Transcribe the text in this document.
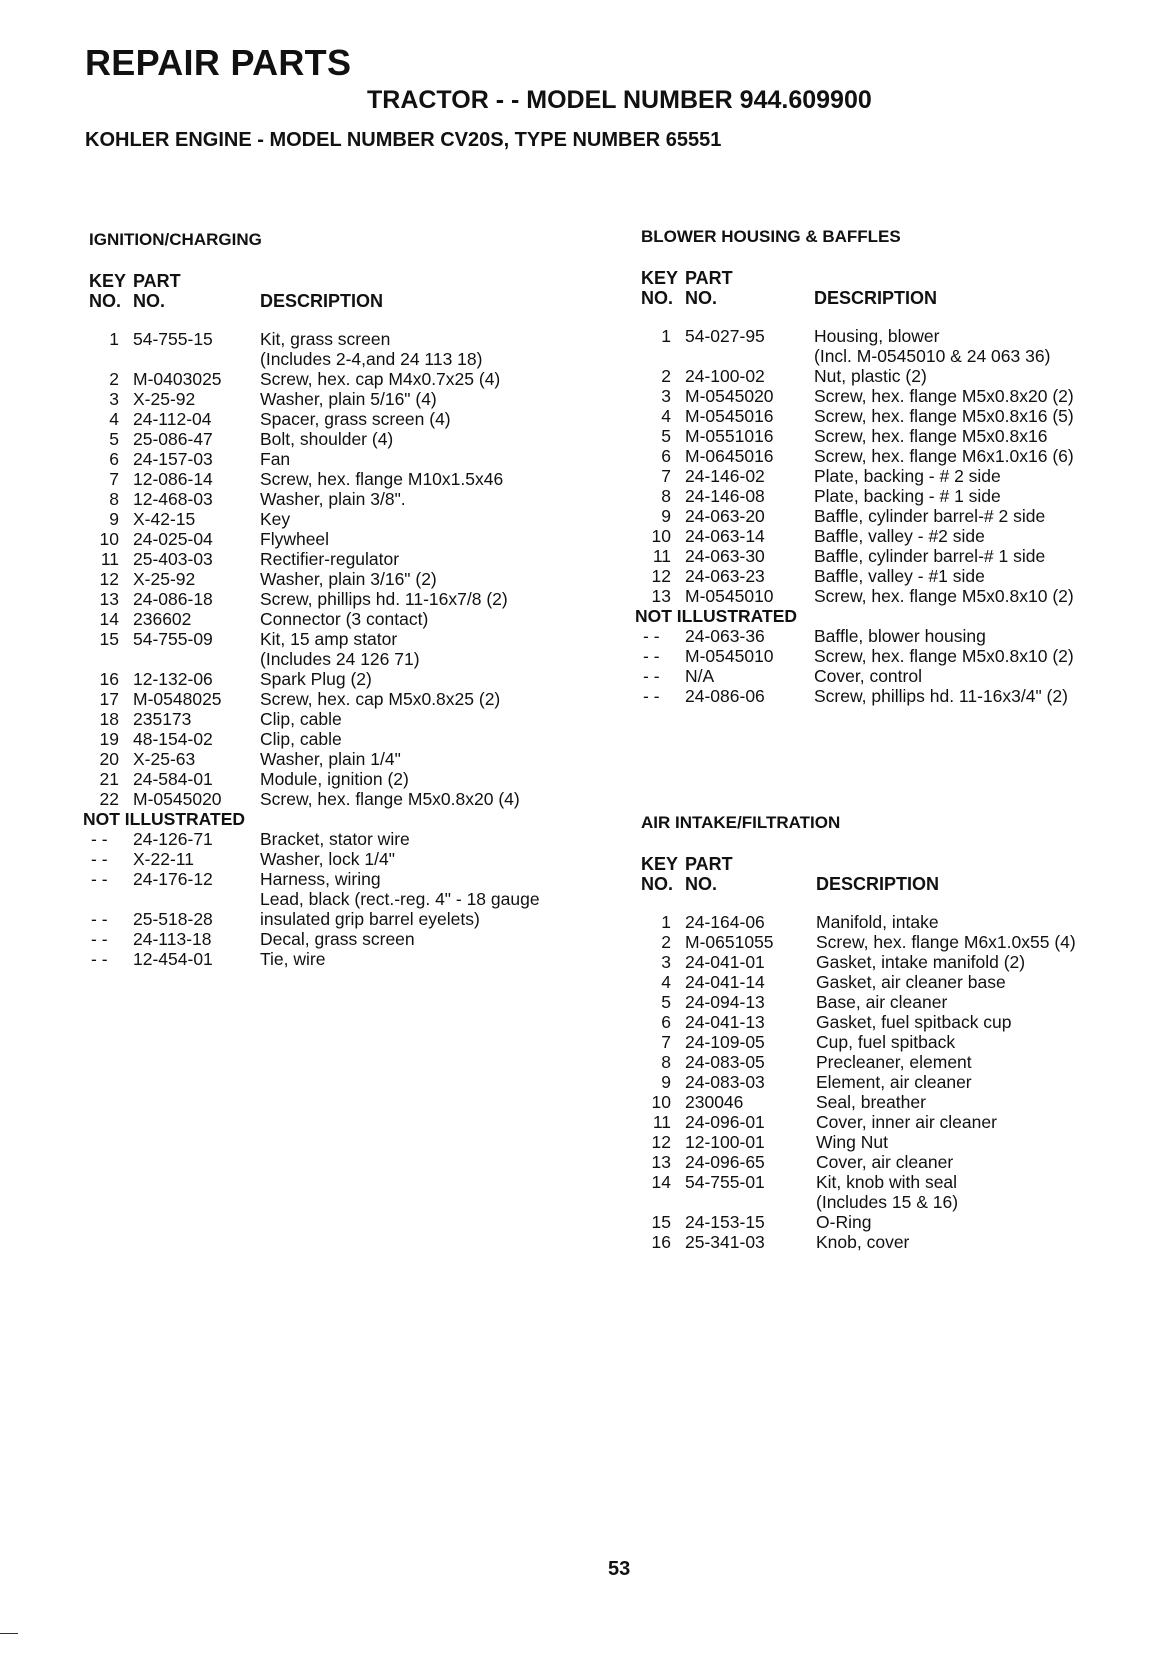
REPAIR PARTS
TRACTOR - - MODEL NUMBER 944.609900
KOHLER ENGINE - MODEL NUMBER CV20S, TYPE NUMBER 65551

IGNITION/CHARGING

KEY PART
NO. NO.	DESCRIPTION
1 54-755-15	Kit, grass screen
(Includes 2-4,and 24 113 18)
2 M-0403025 Screw, hex. cap M4x0.7x25 (4)
3 X-25-92	Washer, plain 5/16" (4)
4 24-112-04	Spacer, grass screen (4)
5 25-086-47	Bolt, shoulder (4)
6 24-157-03	Fan
7 12-086-14	Screw, hex. flange M10x1.5x46
8 12-468-03	Washer, plain 3/8".
9 X-42-15	Key
10 24-025-04	Flywheel
11 25-403-03	Rectifier-regulator
12 X-25-92	Washer, plain 3/16" (2)
13 24-086-18	Screw, phillips hd. 11-16x7/8 (2)
14 236602	Connector (3 contact)
15 54-755-09	Kit, 15 amp stator
(Includes 24 126 71)
16 12-132-06	Spark Plug (2)
17 M-0548025 Screw, hex. cap M5x0.8x25 (2)
18 235173	Clip, cable
19 48-154-02	Clip, cable
20 X-25-63	Washer, plain 1/4"
21 24-584-01	Module, ignition (2)
22 M-0545020 Screw, hex. flange M5x0.8x20 (4)
NOT ILLUSTRATED
- - 24-126-71	Bracket, stator wire
- - X-22-11	Washer, lock 1/4"
- - 24-176-12	Harness, wiring
Lead, black (rect.-reg. 4" - 18 gauge
- - 25-518-28	insulated grip barrel eyelets)
- - 24-113-18	Decal, grass screen
- - 12-454-01	Tie, wire

BLOWER HOUSING & BAFFLES

KEY PART
NO. NO.	DESCRIPTION
1 54-027-95	Housing, blower
(Incl. M-0545010 & 24 063 36)
2 24-100-02	Nut, plastic (2)
3 M-0545020 Screw, hex. flange M5x0.8x20 (2)
4 M-0545016 Screw, hex. flange M5x0.8x16 (5)
5 M-0551016 Screw, hex. flange M5x0.8x16
6 M-0645016 Screw, hex. flange M6x1.0x16 (6)
7 24-146-02	Plate, backing - # 2 side
8 24-146-08	Plate, backing - # 1 side
9 24-063-20	Baffle, cylinder barrel-# 2 side
10 24-063-14	Baffle, valley - #2 side
11 24-063-30	Baffle, cylinder barrel-# 1 side
12 24-063-23	Baffle, valley - #1 side
13 M-0545010 Screw, hex. flange M5x0.8x10 (2)
NOT ILLUSTRATED
- - 24-063-36	Baffle, blower housing
- - M-0545010 Screw, hex. flange M5x0.8x10 (2)
- - N/A	Cover, control
- - 24-086-06	Screw, phillips hd. 11-16x3/4" (2)

AIR INTAKE/FILTRATION

KEY PART
NO. NO.	DESCRIPTION
1 24-164-06	Manifold, intake
2 M-0651055 Screw, hex. flange M6x1.0x55 (4)
3 24-041-01	Gasket, intake manifold (2)
4 24-041-14	Gasket, air cleaner base
5 24-094-13	Base, air cleaner
6 24-041-13	Gasket, fuel spitback cup
7 24-109-05	Cup, fuel spitback
8 24-083-05	Precleaner, element
9 24-083-03	Element, air cleaner
10 230046	Seal, breather
11 24-096-01	Cover, inner air cleaner
12 12-100-01	Wing Nut
13 24-096-65	Cover, air cleaner
14 54-755-01	Kit, knob with seal
(Includes 15 & 16)
15 24-153-15	O-Ring
16 25-341-03	Knob, cover

53
